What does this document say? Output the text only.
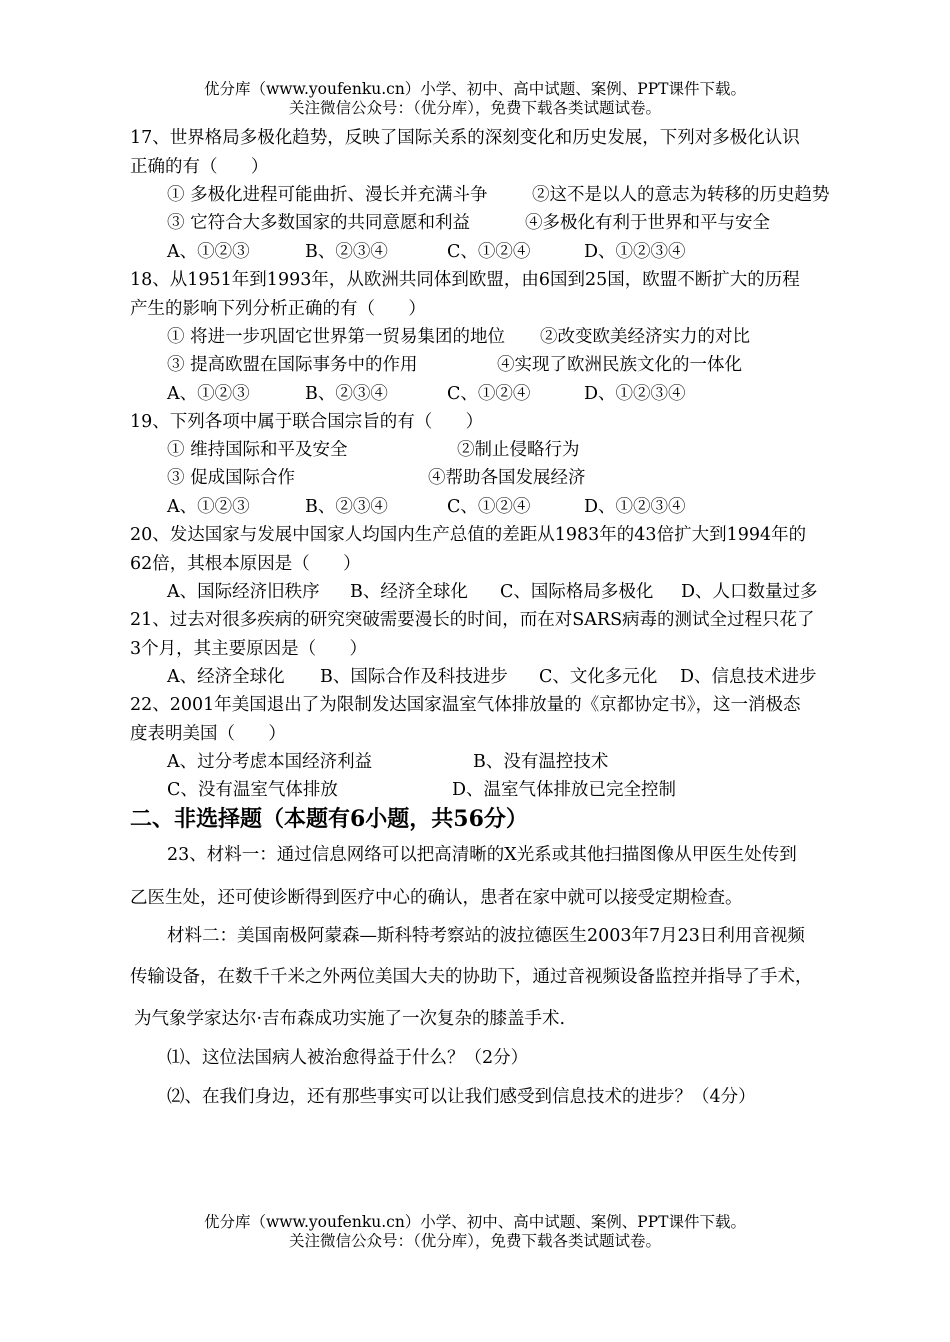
优分库（www.youfenku.cn）小学、初中、高中试题、案例、PPT课件下载。
关注微信公众号：（优分库），免费下载各类试题试卷。
17、世界格局多极化趋势，反映了国际关系的深刻变化和历史发展，下列对多极化认识
正确的有（      ）
① 多极化进程可能曲折、漫长并充满斗争	②这不是以人的意志为转移的历史趋势
③ 它符合大多数国家的共同意愿和利益	④多极化有利于世界和平与安全
A、①②③	B、②③④	C、①②④	D、①②③④
18、从1951年到1993年，从欧洲共同体到欧盟，由6国到25国，欧盟不断扩大的历程
产生的影响下列分析正确的有（      ）
① 将进一步巩固它世界第一贸易集团的地位 ②改变欧美经济实力的对比
③ 提高欧盟在国际事务中的作用	④实现了欧洲民族文化的一体化
A、①②③	B、②③④	C、①②④	D、①②③④
19、下列各项中属于联合国宗旨的有（      ）
① 维持国际和平及安全	②制止侵略行为
③ 促成国际合作	④帮助各国发展经济
A、①②③	B、②③④	C、①②④	D、①②③④
20、发达国家与发展中国家人均国内生产总值的差距从1983年的43倍扩大到1994年的
62倍，其根本原因是（      ）
A、国际经济旧秩序 B、经济全球化 C、国际格局多极化 D、人口数量过多
21、过去对很多疾病的研究突破需要漫长的时间，而在对SARS病毒的测试全过程只花了
3个月，其主要原因是（      ）
A、经济全球化 B、国际合作及科技进步 C、文化多元化 D、信息技术进步
22、2001年美国退出了为限制发达国家温室气体排放量的《京都协定书》，这一消极态
度表明美国（      ）
A、过分考虑本国经济利益	B、没有温控技术
C、没有温室气体排放	D、温室气体排放已完全控制
二、非选择题（本题有6小题，共56分）
23、材料一：通过信息网络可以把高清晰的X光系或其他扫描图像从甲医生处传到
乙医生处，还可使诊断得到医疗中心的确认，患者在家中就可以接受定期检查。
材料二：美国南极阿蒙森—斯科特考察站的波拉德医生2003年7月23日利用音视频
传输设备，在数千千米之外两位美国大夫的协助下，通过音视频设备监控并指导了手术，
为气象学家达尔·吉布森成功实施了一次复杂的膝盖手术.
⑴、这位法国病人被治愈得益于什么？（2分）
⑵、在我们身边，还有那些事实可以让我们感受到信息技术的进步？（4分）
优分库（www.youfenku.cn）小学、初中、高中试题、案例、PPT课件下载。
关注微信公众号：（优分库），免费下载各类试题试卷。
